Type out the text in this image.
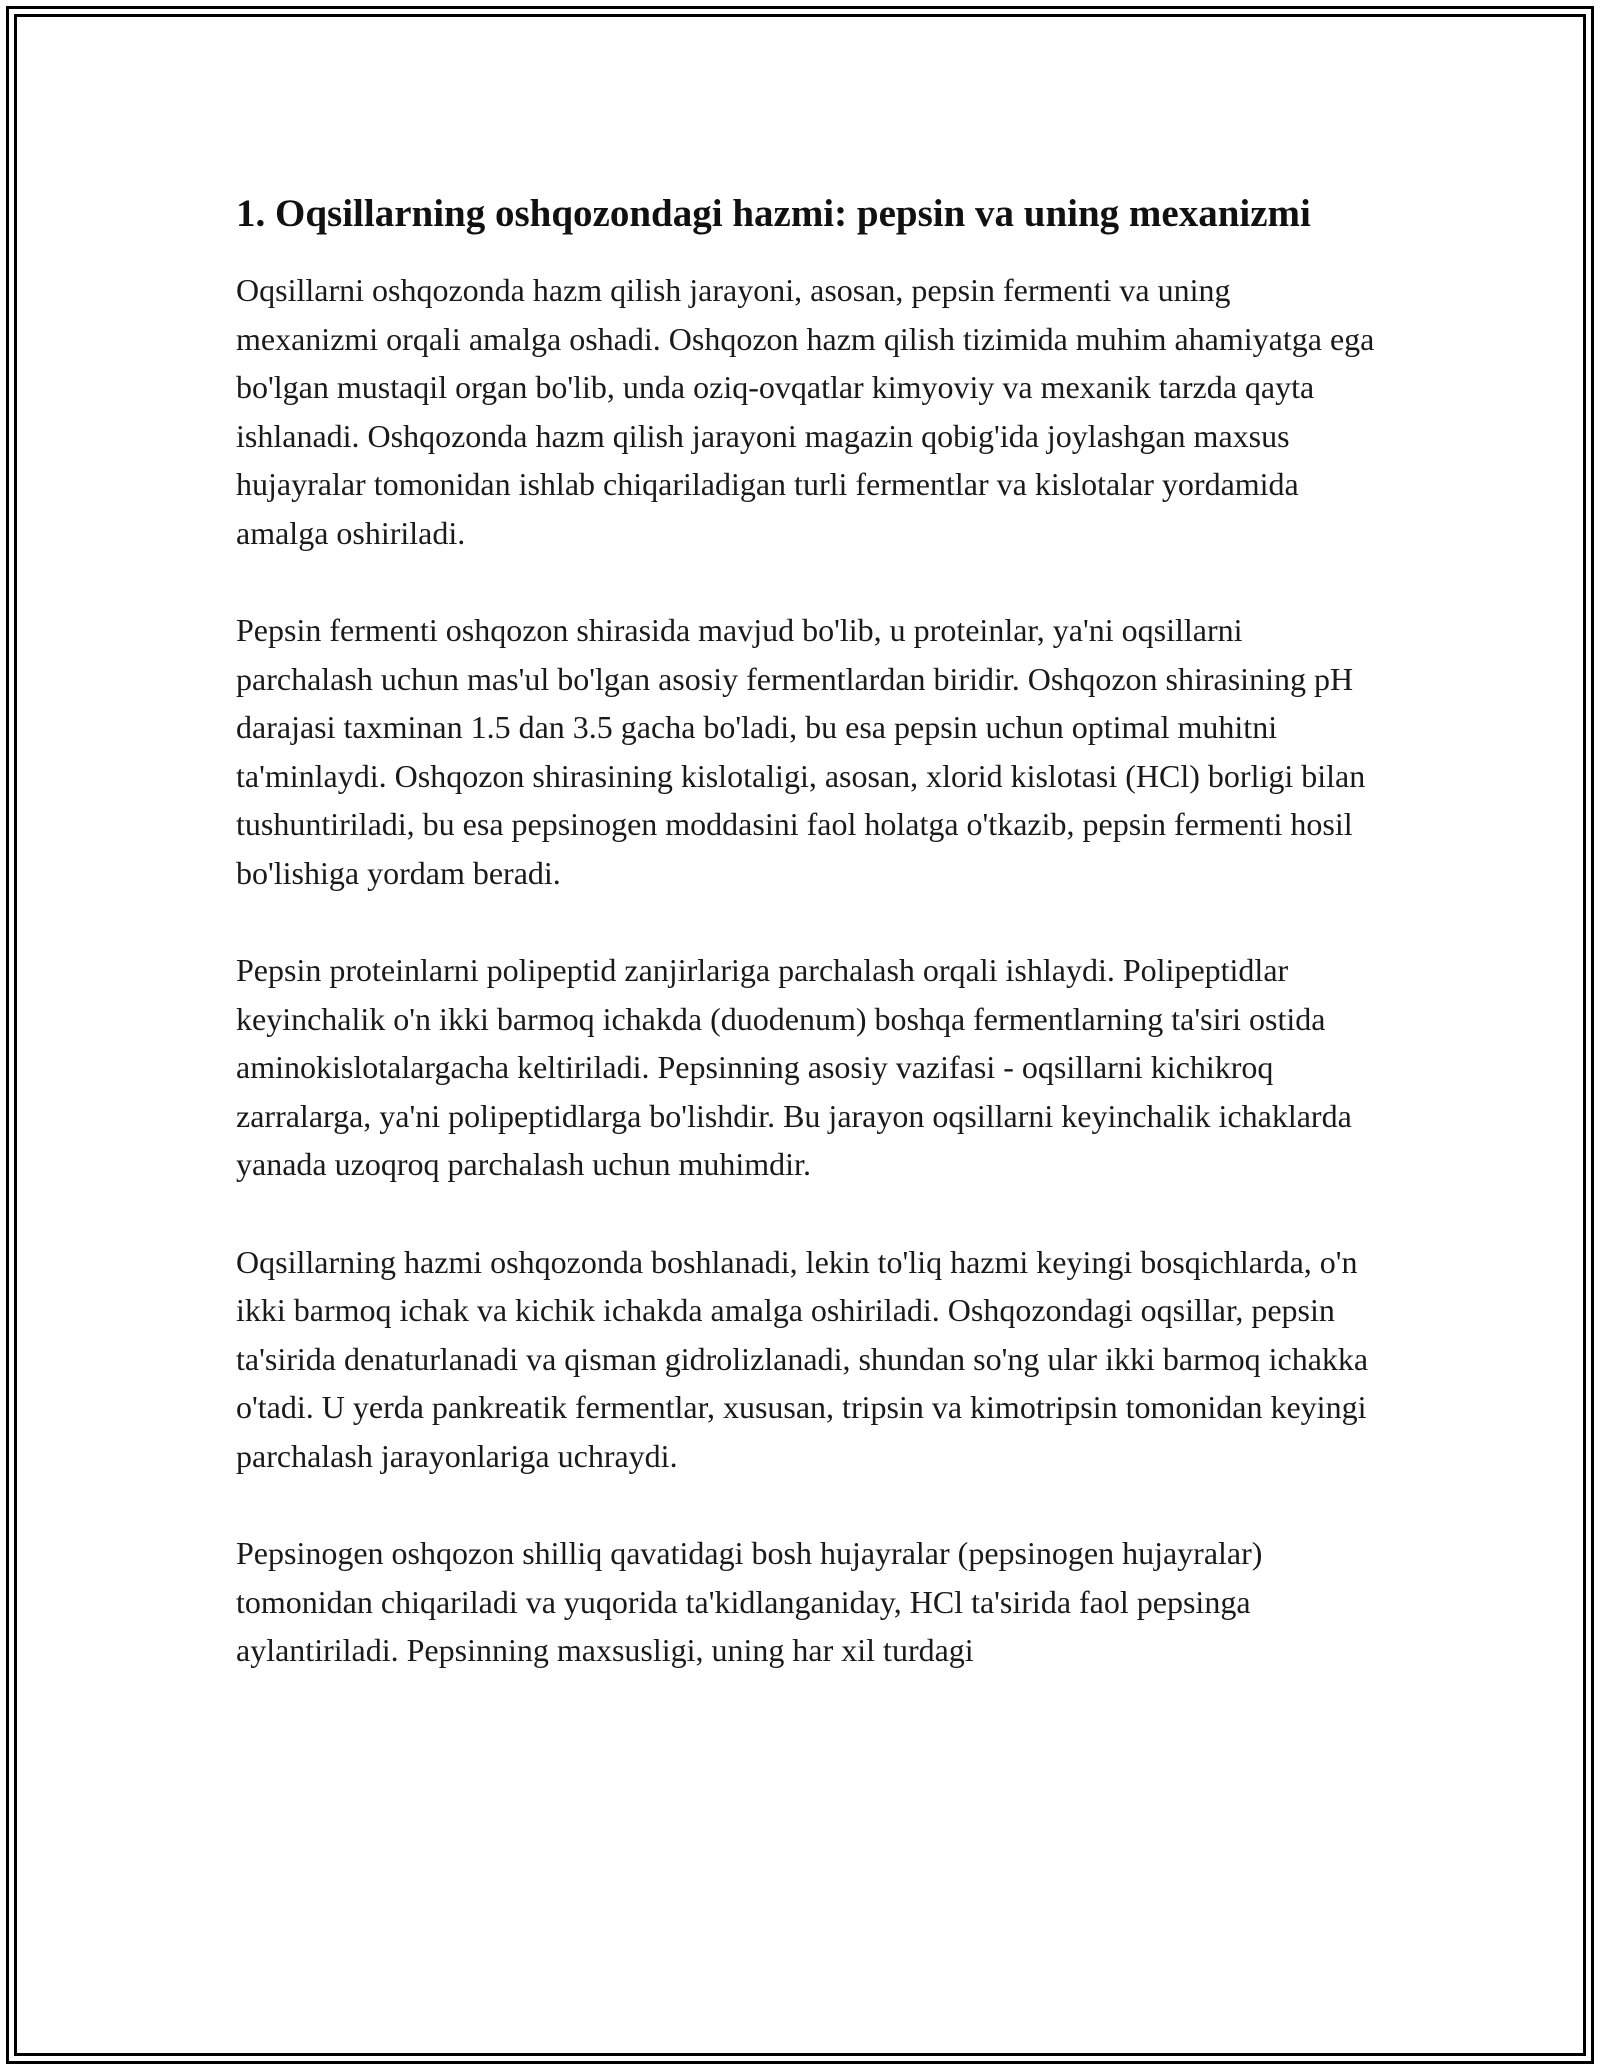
1. Oqsillarning oshqozondagi hazmi: pepsin va uning mexanizmi

Oqsillarni oshqozonda hazm qilish jarayoni, asosan, pepsin fermenti va uning mexanizmi orqali amalga oshadi. Oshqozon hazm qilish tizimida muhim ahamiyatga ega bo'lgan mustaqil organ bo'lib, unda oziq-ovqatlar kimyoviy va mexanik tarzda qayta ishlanadi. Oshqozonda hazm qilish jarayoni magazin qobig'ida joylashgan maxsus hujayralar tomonidan ishlab chiqariladigan turli fermentlar va kislotalar yordamida amalga oshiriladi.

Pepsin fermenti oshqozon shirasida mavjud bo'lib, u proteinlar, ya'ni oqsillarni parchalash uchun mas'ul bo'lgan asosiy fermentlardan biridir. Oshqozon shirasining pH darajasi taxminan 1.5 dan 3.5 gacha bo'ladi, bu esa pepsin uchun optimal muhitni ta'minlaydi. Oshqozon shirasining kislotaligi, asosan, xlorid kislotasi (HCl) borligi bilan tushuntiriladi, bu esa pepsinogen moddasini faol holatga o'tkazib, pepsin fermenti hosil bo'lishiga yordam beradi.

Pepsin proteinlarni polipeptid zanjirlariga parchalash orqali ishlaydi. Polipeptidlar keyinchalik o'n ikki barmoq ichakda (duodenum) boshqa fermentlarning ta'siri ostida aminokislotalargacha keltiriladi. Pepsinning asosiy vazifasi - oqsillarni kichikroq zarralarga, ya'ni polipeptidlarga bo'lishdir. Bu jarayon oqsillarni keyinchalik ichaklarda yanada uzoqroq parchalash uchun muhimdir.

Oqsillarning hazmi oshqozonda boshlanadi, lekin to'liq hazmi keyingi bosqichlarda, o'n ikki barmoq ichak va kichik ichakda amalga oshiriladi. Oshqozondagi oqsillar, pepsin ta'sirida denaturlanadi va qisman gidrolizlanadi, shundan so'ng ular ikki barmoq ichakka o'tadi. U yerda pankreatik fermentlar, xususan, tripsin va kimotripsin tomonidan keyingi parchalash jarayonlariga uchraydi.

Pepsinogen oshqozon shilliq qavatidagi bosh hujayralar (pepsinogen hujayralar) tomonidan chiqariladi va yuqorida ta'kidlanganiday, HCl ta'sirida faol pepsinga aylantiriladi. Pepsinning maxsusligi, uning har xil turdagi
